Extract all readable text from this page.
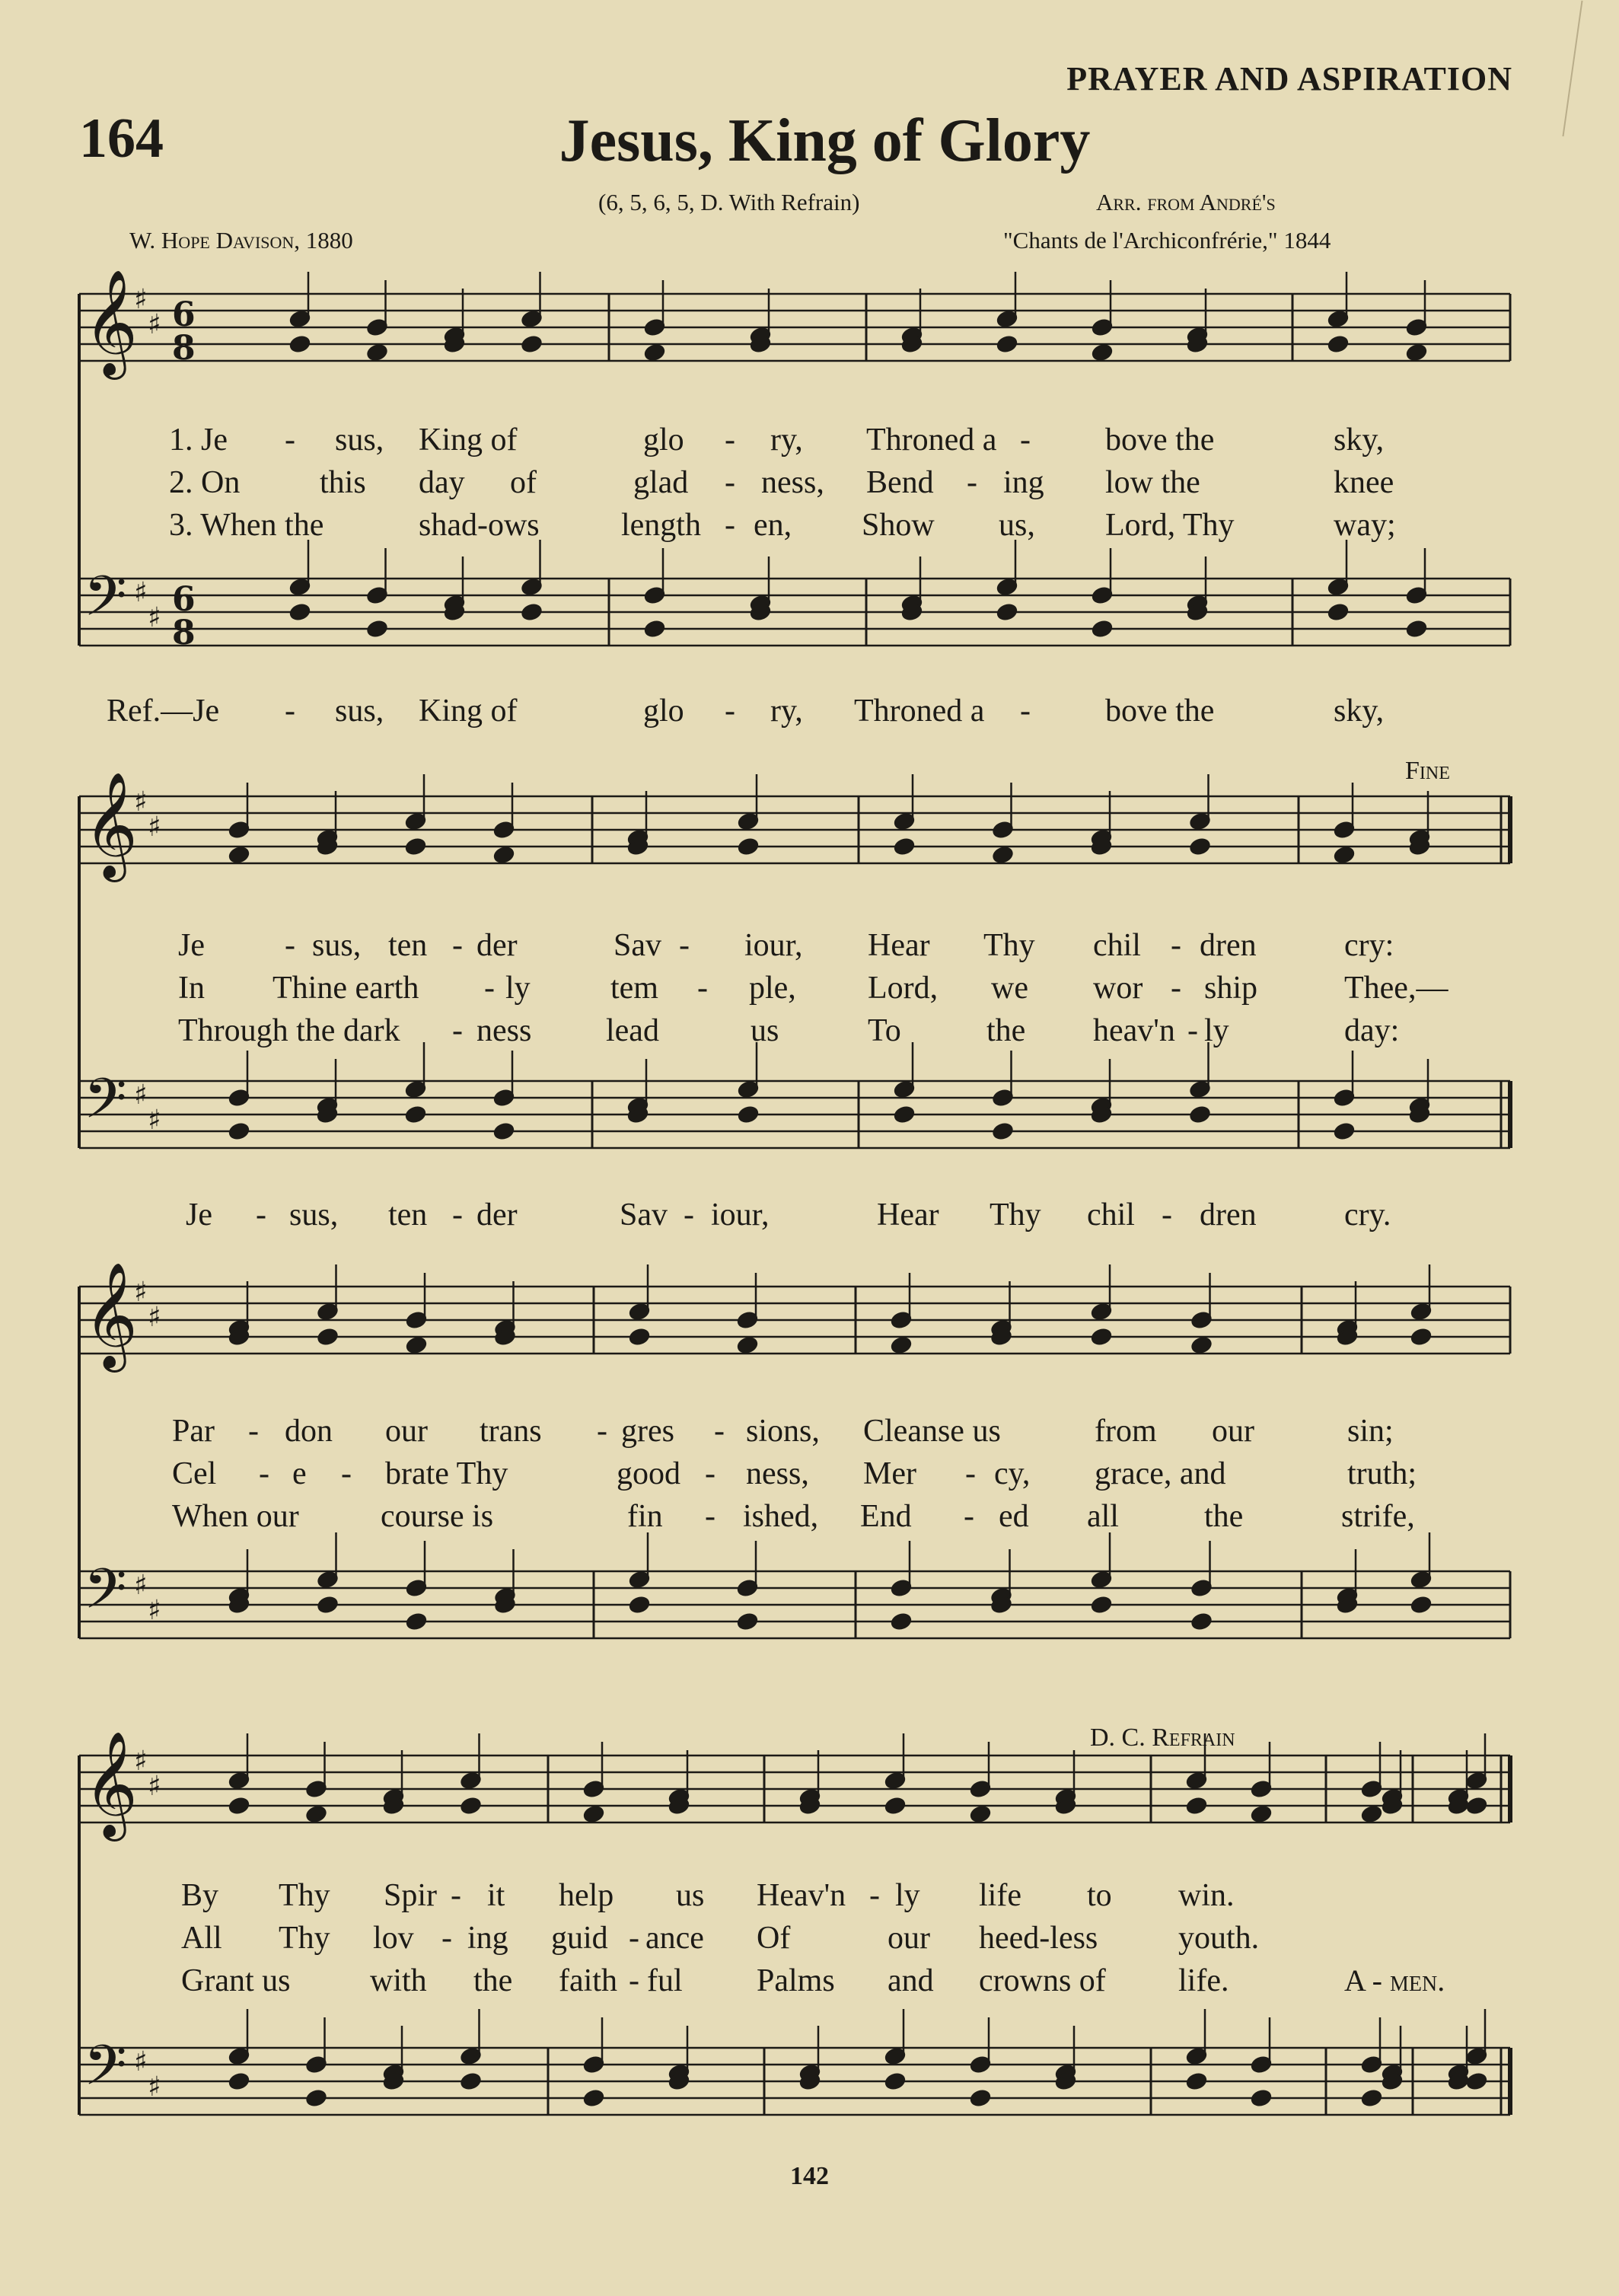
PRAYER AND ASPIRATION
164	Jesus, King of Glory
(6, 5, 6, 5, D. With Refrain)	Arr. from André's
W. Hope Davison, 1880	"Chants de l'Archiconfrérie," 1844
𝄞
𝄢
♯
♯
♯
♯
6
8
6
8
𝄞
𝄢
♯
♯
♯
♯
𝄞
𝄢
♯
♯
♯
♯
𝄞
𝄢
♯
♯
♯
♯
1. Je - sus, King of	glo - ry, Throned a - bove the	sky,
2. On this day of	glad - ness, Bend - ing low the	knee
3. When the	shad-ows	length - en, Show us, Lord, Thy	way;
Ref.—Je - sus, King of	glo - ry, Throned a - bove the	sky,
Fine
Je	- sus, ten - der	Sav - iour, Hear Thy chil - dren	cry:
In Thine earth - ly	tem - ple, Lord, we wor - ship	Thee,—
Through the dark - ness lead	us	To	the heav'n - ly	day:
Je - sus, ten - der	Sav - iour,	Hear Thy chil - dren	cry.
Par - don our trans - gres - sions, Cleanse us	from our	sin;
Cel - e - brate Thy	good - ness, Mer - cy, grace, and	truth;
When our	course is	fin - ished, End - ed all	the	strife,
D. C. Refrain
By Thy Spir - it help us Heav'n - ly life to win.
All Thy lov - ing guid - ance Of	our heed-less	youth.
Grant us with the faith - ful Palms and crowns of life.	A - men.
142
